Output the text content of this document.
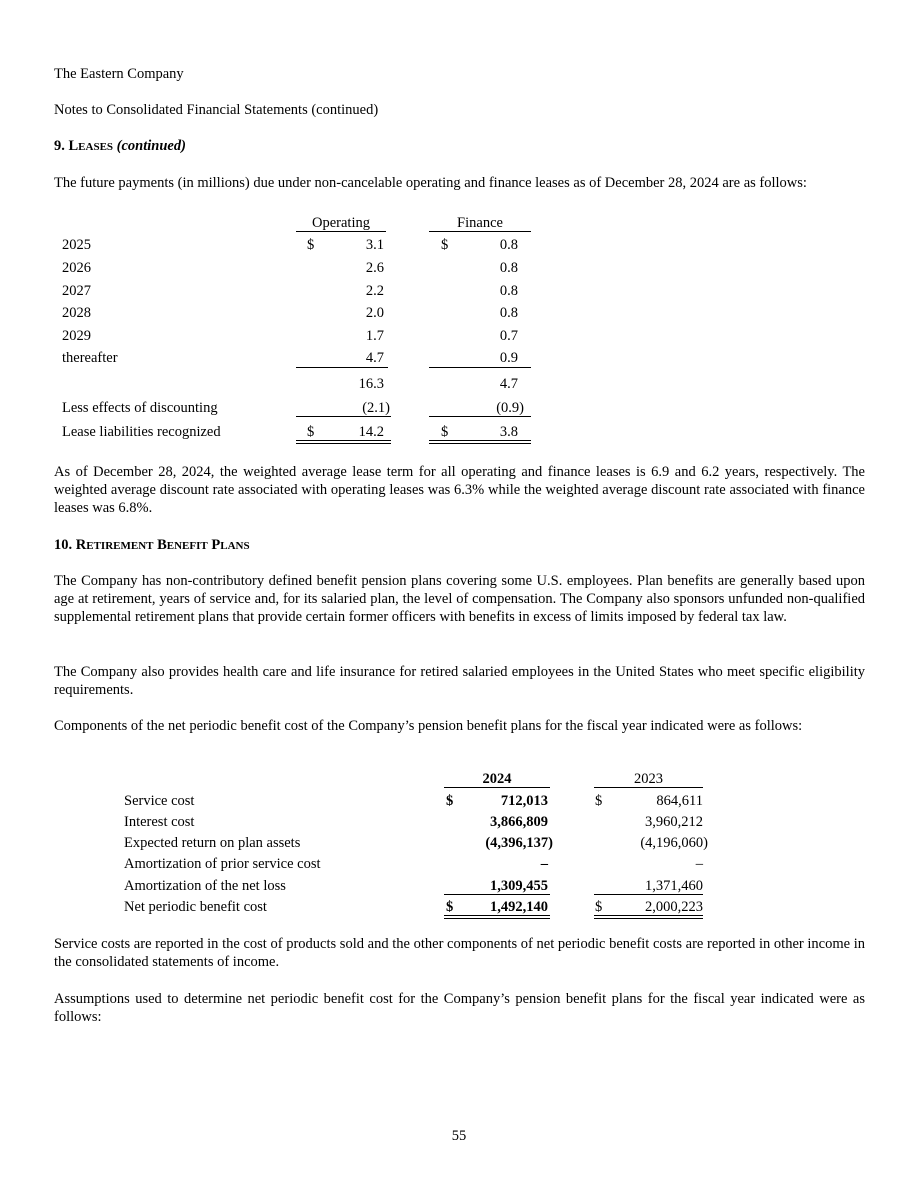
The Eastern Company
Notes to Consolidated Financial Statements (continued)
9. LEASES (continued)
The future payments (in millions) due under non-cancelable operating and finance leases as of December 28, 2024 are as follows:
Operating	Finance
2025	$	3.1	$	0.8
2026	2.6	0.8
2027	2.2	0.8
2028	2.0	0.8
2029	1.7	0.7
thereafter	4.7	0.9
16.3	4.7
Less effects of discounting	(2.1)	(0.9)
Lease liabilities recognized	$	14.2	$	3.8

As of December 28, 2024, the weighted average lease term for all operating and finance leases is 6.9 and 6.2 years, respectively. The weighted average discount rate associated with operating leases was 6.3% while the weighted average discount rate associated with finance leases was 6.8%.

10. RETIREMENT BENEFIT PLANS

The Company has non-contributory defined benefit pension plans covering some U.S. employees. Plan benefits are generally based upon age at retirement, years of service and, for its salaried plan, the level of compensation. The Company also sponsors unfunded non-qualified supplemental retirement plans that provide certain former officers with benefits in excess of limits imposed by federal tax law.

The Company also provides health care and life insurance for retired salaried employees in the United States who meet specific eligibility requirements.

Components of the net periodic benefit cost of the Company’s pension benefit plans for the fiscal year indicated were as follows:

2024	2023
Service cost	$	712,013	$	864,611
Interest cost	3,866,809	3,960,212
Expected return on plan assets	(4,396,137)	(4,196,060)
Amortization of prior service cost	–	–
Amortization of the net loss	1,309,455	1,371,460
Net periodic benefit cost	$	1,492,140	$	2,000,223

Service costs are reported in the cost of products sold and the other components of net periodic benefit costs are reported in other income in the consolidated statements of income.

Assumptions used to determine net periodic benefit cost for the Company’s pension benefit plans for the fiscal year indicated were as follows:

55
